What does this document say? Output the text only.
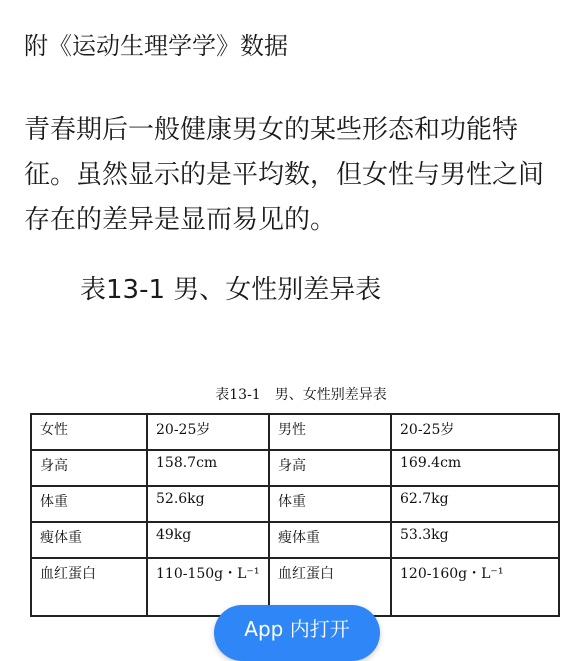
附《运动生理学学》数据

青春期后一般健康男女的某些形态和功能特征。虽然显示的是平均数，但女性与男性之间存在的差异是显而易见的。

表13-1 男、女性别差异表
表13-1　男、女性别差异表
女性	20-25岁	男性	20-25岁
身高	158.7cm	身高	169.4cm
体重	52.6kg	体重	62.7kg
瘦体重	49kg	瘦体重	53.3kg
血红蛋白	110-150g・L⁻¹	血红蛋白	120-160g・L⁻¹
App 内打开
